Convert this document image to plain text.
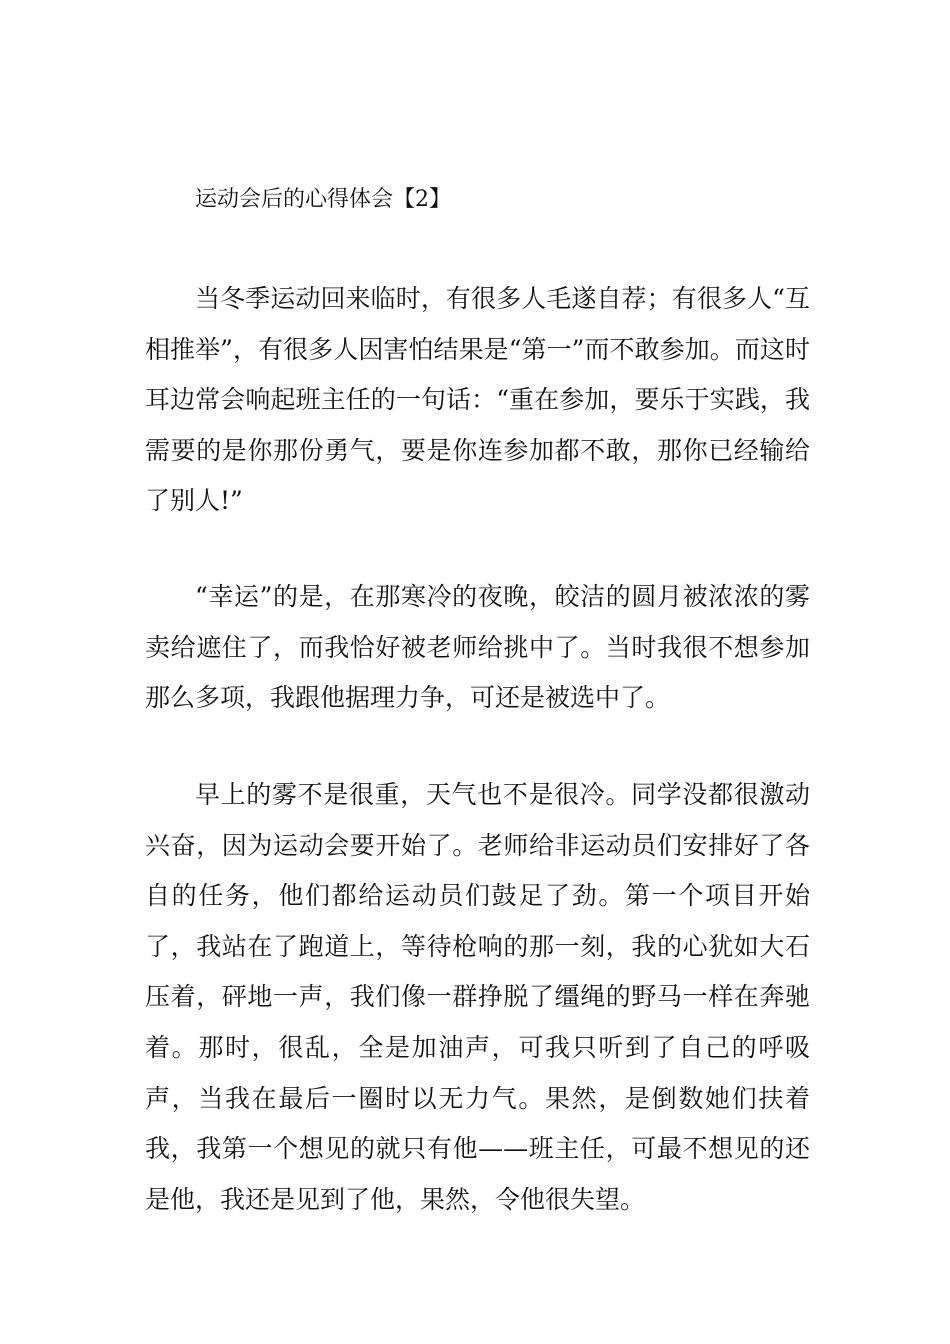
运动会后的心得体会【2】

当冬季运动回来临时，有很多人毛遂自荐；有很多人“互相推举”，有很多人因害怕结果是“第一”而不敢参加。而这时耳边常会响起班主任的一句话：“重在参加，要乐于实践，我需要的是你那份勇气，要是你连参加都不敢，那你已经输给了别人!”

“幸运”的是，在那寒冷的夜晚，皎洁的圆月被浓浓的雾卖给遮住了，而我恰好被老师给挑中了。当时我很不想参加那么多项，我跟他据理力争，可还是被选中了。

早上的雾不是很重，天气也不是很冷。同学没都很激动兴奋，因为运动会要开始了。老师给非运动员们安排好了各自的任务，他们都给运动员们鼓足了劲。第一个项目开始了，我站在了跑道上，等待枪响的那一刻，我的心犹如大石压着，砰地一声，我们像一群挣脱了缰绳的野马一样在奔驰着。那时，很乱，全是加油声，可我只听到了自己的呼吸声，当我在最后一圈时以无力气。果然，是倒数她们扶着我，我第一个想见的就只有他——班主任，可最不想见的还是他，我还是见到了他，果然，令他很失望。
